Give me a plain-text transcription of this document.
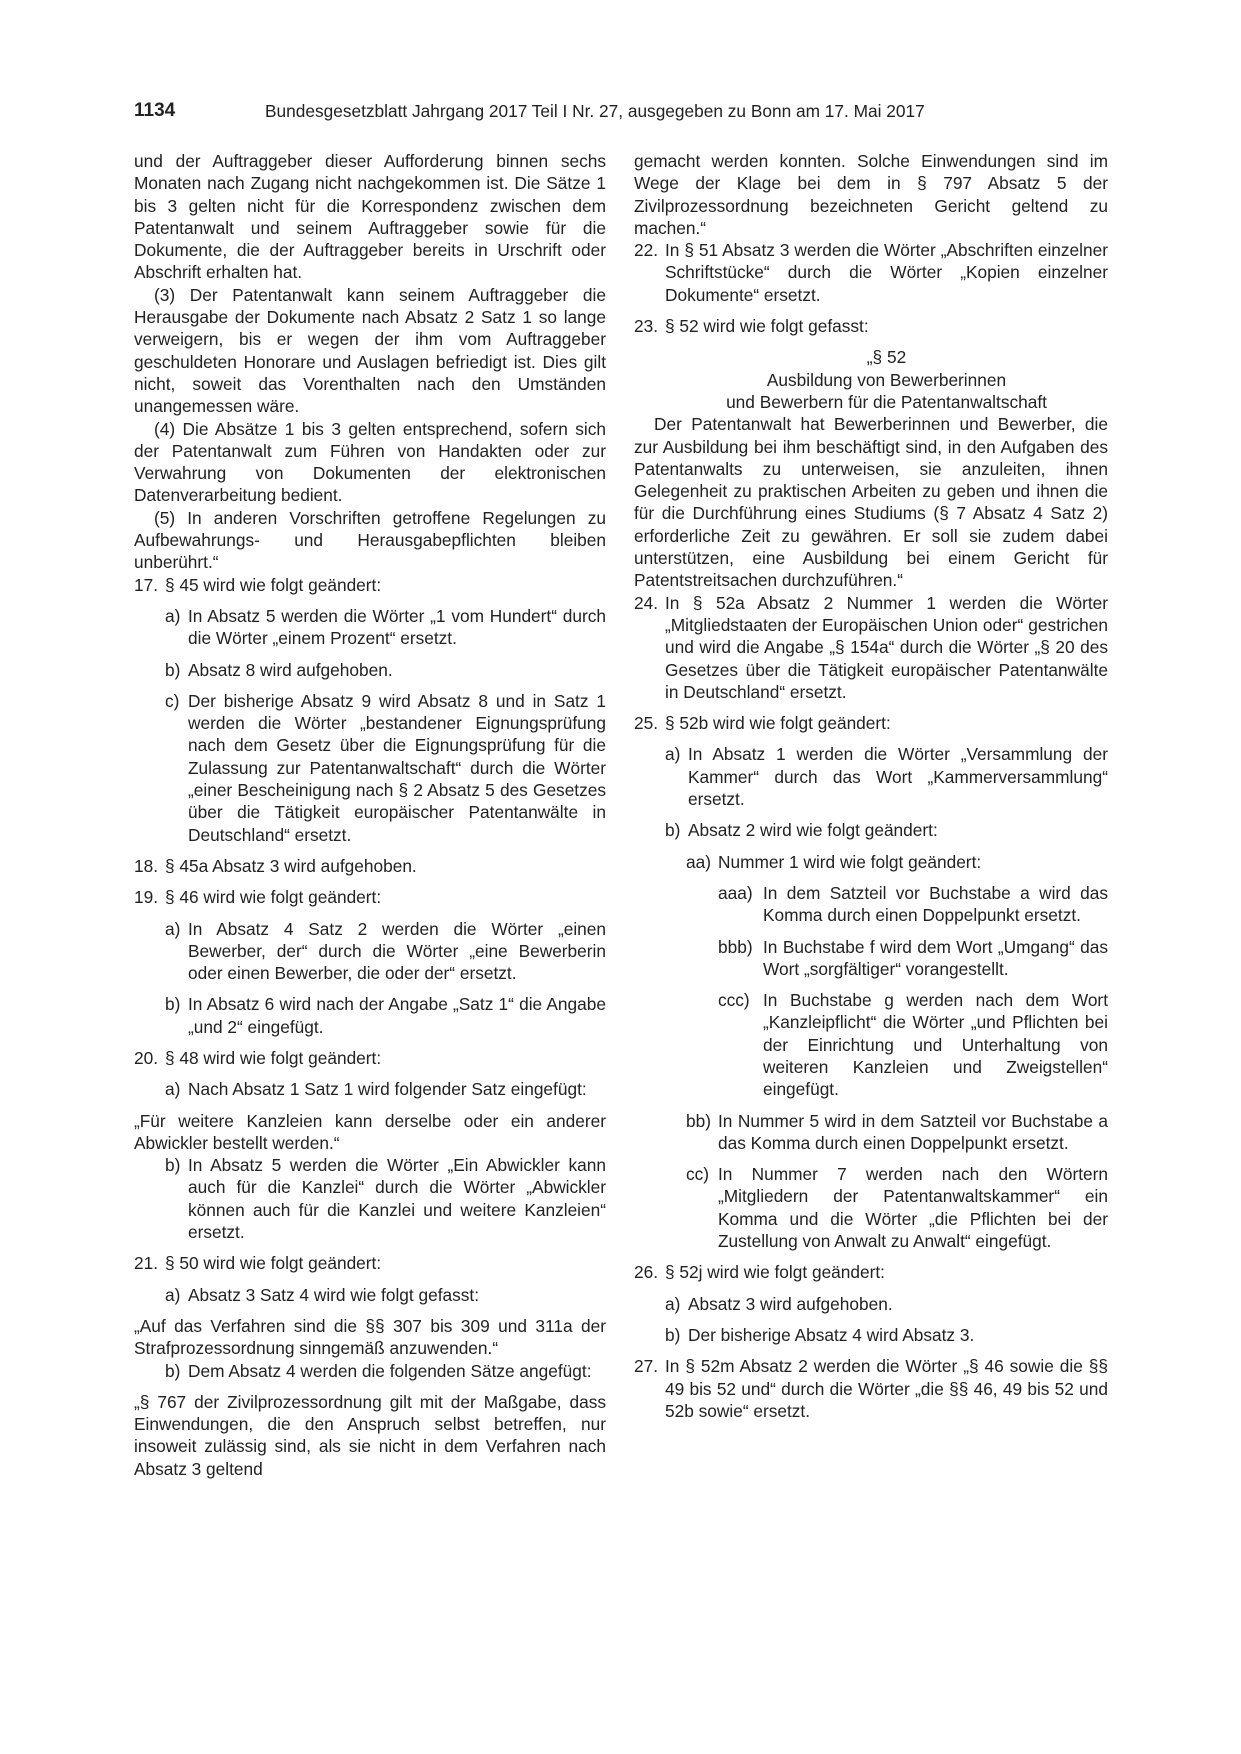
1134	Bundesgesetzblatt Jahrgang 2017 Teil I Nr. 27, ausgegeben zu Bonn am 17. Mai 2017

und der Auftraggeber dieser Aufforderung binnen sechs Monaten nach Zugang nicht nachgekommen ist. Die Sätze 1 bis 3 gelten nicht für die Korrespondenz zwischen dem Patentanwalt und seinem Auftraggeber sowie für die Dokumente, die der Auftraggeber bereits in Urschrift oder Abschrift erhalten hat.

(3) Der Patentanwalt kann seinem Auftraggeber die Herausgabe der Dokumente nach Absatz 2 Satz 1 so lange verweigern, bis er wegen der ihm vom Auftraggeber geschuldeten Honorare und Auslagen befriedigt ist. Dies gilt nicht, soweit das Vorenthalten nach den Umständen unangemessen wäre.

(4) Die Absätze 1 bis 3 gelten entsprechend, sofern sich der Patentanwalt zum Führen von Handakten oder zur Verwahrung von Dokumenten der elektronischen Datenverarbeitung bedient.

(5) In anderen Vorschriften getroffene Regelungen zu Aufbewahrungs- und Herausgabepflichten bleiben unberührt.“

17. § 45 wird wie folgt geändert:
a) In Absatz 5 werden die Wörter „1 vom Hundert“ durch die Wörter „einem Prozent“ ersetzt.
b) Absatz 8 wird aufgehoben.
c) Der bisherige Absatz 9 wird Absatz 8 und in Satz 1 werden die Wörter „bestandener Eignungsprüfung nach dem Gesetz über die Eignungsprüfung für die Zulassung zur Patentanwaltschaft“ durch die Wörter „einer Bescheinigung nach § 2 Absatz 5 des Gesetzes über die Tätigkeit europäischer Patentanwälte in Deutschland“ ersetzt.
18. § 45a Absatz 3 wird aufgehoben.
19. § 46 wird wie folgt geändert:
a) In Absatz 4 Satz 2 werden die Wörter „einen Bewerber, der“ durch die Wörter „eine Bewerberin oder einen Bewerber, die oder der“ ersetzt.
b) In Absatz 6 wird nach der Angabe „Satz 1“ die Angabe „und 2“ eingefügt.
20. § 48 wird wie folgt geändert:
a) Nach Absatz 1 Satz 1 wird folgender Satz eingefügt:

„Für weitere Kanzleien kann derselbe oder ein anderer Abwickler bestellt werden.“

b) In Absatz 5 werden die Wörter „Ein Abwickler kann auch für die Kanzlei“ durch die Wörter „Abwickler können auch für die Kanzlei und weitere Kanzleien“ ersetzt.
21. § 50 wird wie folgt geändert:
a) Absatz 3 Satz 4 wird wie folgt gefasst:

„Auf das Verfahren sind die §§ 307 bis 309 und 311a der Strafprozessordnung sinngemäß anzuwenden.“

b) Dem Absatz 4 werden die folgenden Sätze angefügt:

„§ 767 der Zivilprozessordnung gilt mit der Maßgabe, dass Einwendungen, die den Anspruch selbst betreffen, nur insoweit zulässig sind, als sie nicht in dem Verfahren nach Absatz 3 geltend

gemacht werden konnten. Solche Einwendungen sind im Wege der Klage bei dem in § 797 Absatz 5 der Zivilprozessordnung bezeichneten Gericht geltend zu machen.“

22. In § 51 Absatz 3 werden die Wörter „Abschriften einzelner Schriftstücke“ durch die Wörter „Kopien einzelner Dokumente“ ersetzt.
23. § 52 wird wie folgt gefasst:

„§ 52

Ausbildung von Bewerberinnen

und Bewerbern für die Patentanwaltschaft

Der Patentanwalt hat Bewerberinnen und Bewerber, die zur Ausbildung bei ihm beschäftigt sind, in den Aufgaben des Patentanwalts zu unterweisen, sie anzuleiten, ihnen Gelegenheit zu praktischen Arbeiten zu geben und ihnen die für die Durchführung eines Studiums (§ 7 Absatz 4 Satz 2) erforderliche Zeit zu gewähren. Er soll sie zudem dabei unterstützen, eine Ausbildung bei einem Gericht für Patentstreitsachen durchzuführen.“

24. In § 52a Absatz 2 Nummer 1 werden die Wörter „Mitgliedstaaten der Europäischen Union oder“ gestrichen und wird die Angabe „§ 154a“ durch die Wörter „§ 20 des Gesetzes über die Tätigkeit europäischer Patentanwälte in Deutschland“ ersetzt.
25. § 52b wird wie folgt geändert:
a) In Absatz 1 werden die Wörter „Versammlung der Kammer“ durch das Wort „Kammerversammlung“ ersetzt.
b) Absatz 2 wird wie folgt geändert:
aa) Nummer 1 wird wie folgt geändert:
aaa) In dem Satzteil vor Buchstabe a wird das Komma durch einen Doppelpunkt ersetzt.
bbb) In Buchstabe f wird dem Wort „Umgang“ das Wort „sorgfältiger“ vorangestellt.
ccc) In Buchstabe g werden nach dem Wort „Kanzleipflicht“ die Wörter „und Pflichten bei der Einrichtung und Unterhaltung von weiteren Kanzleien und Zweigstellen“ eingefügt.
bb) In Nummer 5 wird in dem Satzteil vor Buchstabe a das Komma durch einen Doppelpunkt ersetzt.
cc) In Nummer 7 werden nach den Wörtern „Mitgliedern der Patentanwaltskammer“ ein Komma und die Wörter „die Pflichten bei der Zustellung von Anwalt zu Anwalt“ eingefügt.
26. § 52j wird wie folgt geändert:
a) Absatz 3 wird aufgehoben.
b) Der bisherige Absatz 4 wird Absatz 3.
27. In § 52m Absatz 2 werden die Wörter „§ 46 sowie die §§ 49 bis 52 und“ durch die Wörter „die §§ 46, 49 bis 52 und 52b sowie“ ersetzt.
